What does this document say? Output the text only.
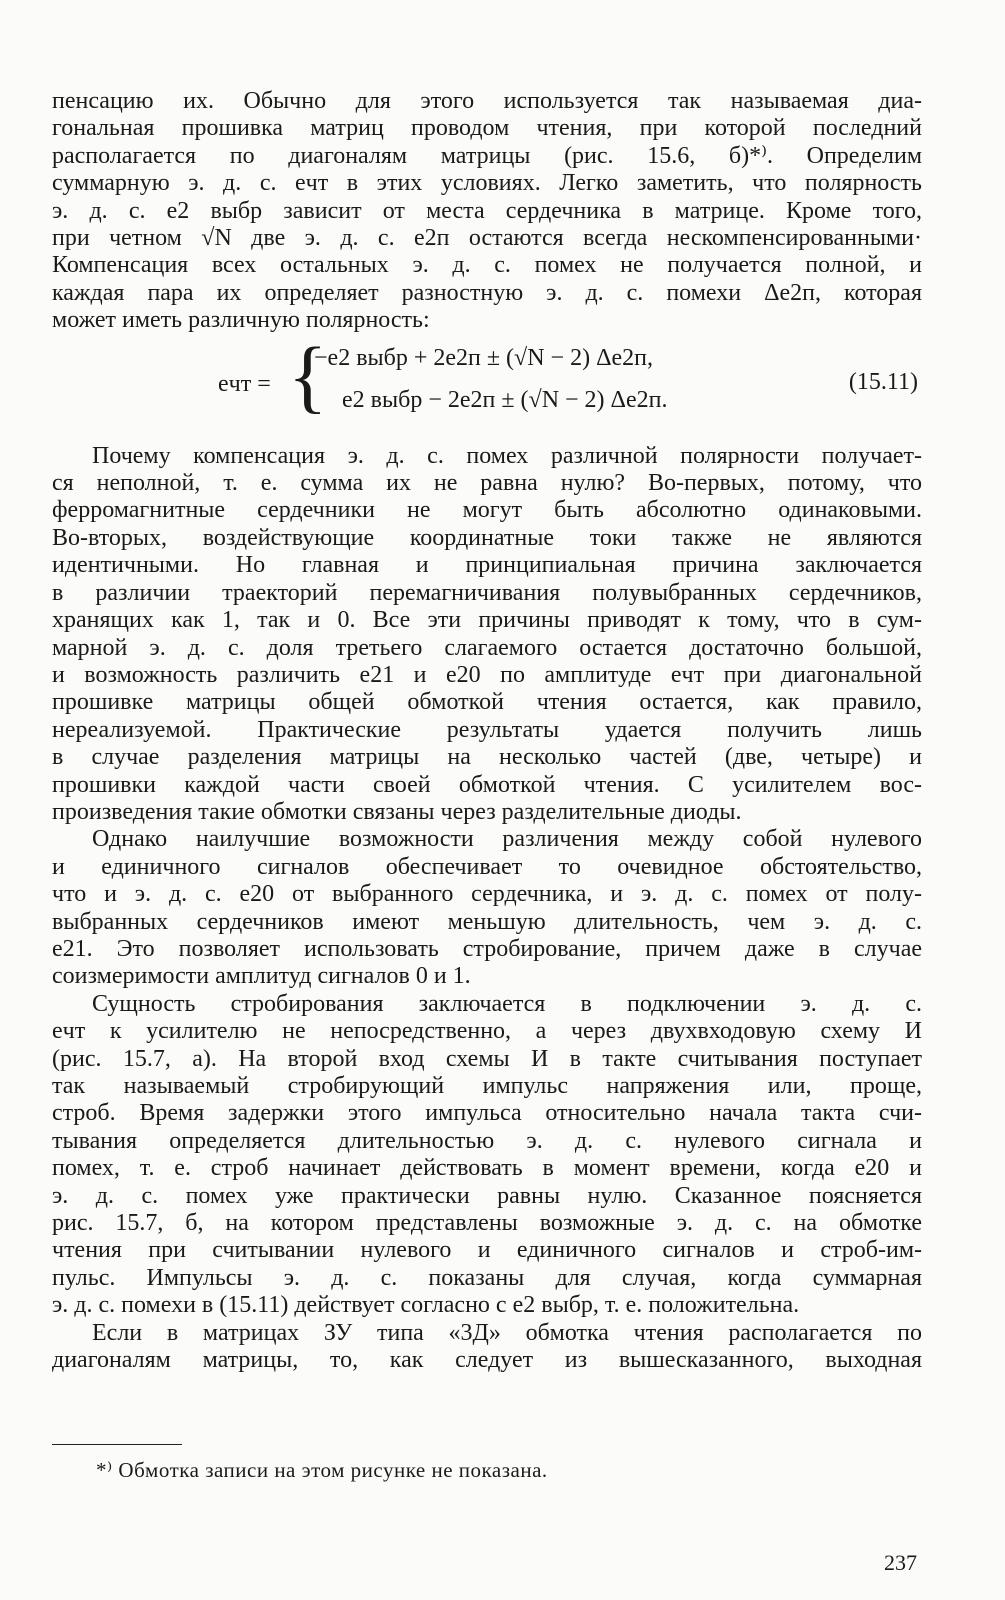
пенсацию их. Обычно для этого используется так называемая диа-
гональная прошивка матриц проводом чтения, при которой последний
располагается по диагоналям матрицы (рис. 15.6, б)*⁾. Определим
суммарную э. д. с. eчт в этих условиях. Легко заметить, что полярность
э. д. с. e2 выбр зависит от места сердечника в матрице. Кроме того,
при четном √N две э. д. с. e2п остаются всегда нескомпенсированными·
Компенсация всех остальных э. д. с. помех не получается полной, и
каждая пара их определяет разностную э. д. с. помехи Δe2п, которая
может иметь различную полярность:
eчт = {
−e2 выбр + 2e2п ± (√N − 2) Δe2п,
e2 выбр − 2e2п ± (√N − 2) Δe2п.
(15.11)
Почему компенсация э. д. с. помех различной полярности получает-
ся неполной, т. е. сумма их не равна нулю? Во-первых, потому, что
ферромагнитные сердечники не могут быть абсолютно одинаковыми.
Во-вторых, воздействующие координатные токи также не являются
идентичными. Но главная и принципиальная причина заключается
в различии траекторий перемагничивания полувыбранных сердечников,
хранящих как 1, так и 0. Все эти причины приводят к тому, что в сум-
марной э. д. с. доля третьего слагаемого остается достаточно большой,
и возможность различить e21 и e20 по амплитуде eчт при диагональной
прошивке матрицы общей обмоткой чтения остается, как правило,
нереализуемой. Практические результаты удается получить лишь
в случае разделения матрицы на несколько частей (две, четыре) и
прошивки каждой части своей обмоткой чтения. С усилителем вос-
произведения такие обмотки связаны через разделительные диоды.
Однако наилучшие возможности различения между собой нулевого
и единичного сигналов обеспечивает то очевидное обстоятельство,
что и э. д. с. e20 от выбранного сердечника, и э. д. с. помех от полу-
выбранных сердечников имеют меньшую длительность, чем э. д. с.
e21. Это позволяет использовать стробирование, причем даже в случае
соизмеримости амплитуд сигналов 0 и 1.
Сущность стробирования заключается в подключении э. д. с.
eчт к усилителю не непосредственно, а через двухвходовую схему И
(рис. 15.7, а). На второй вход схемы И в такте считывания поступает
так называемый стробирующий импульс напряжения или, проще,
строб. Время задержки этого импульса относительно начала такта счи-
тывания определяется длительностью э. д. с. нулевого сигнала и
помех, т. е. строб начинает действовать в момент времени, когда e20 и
э. д. с. помех уже практически равны нулю. Сказанное поясняется
рис. 15.7, б, на котором представлены возможные э. д. с. на обмотке
чтения при считывании нулевого и единичного сигналов и строб-им-
пульс. Импульсы э. д. с. показаны для случая, когда суммарная
э. д. с. помехи в (15.11) действует согласно с e2 выбр, т. е. положительна.
Если в матрицах ЗУ типа «3Д» обмотка чтения располагается по
диагоналям матрицы, то, как следует из вышесказанного, выходная
*⁾ Обмотка записи на этом рисунке не показана.
237
